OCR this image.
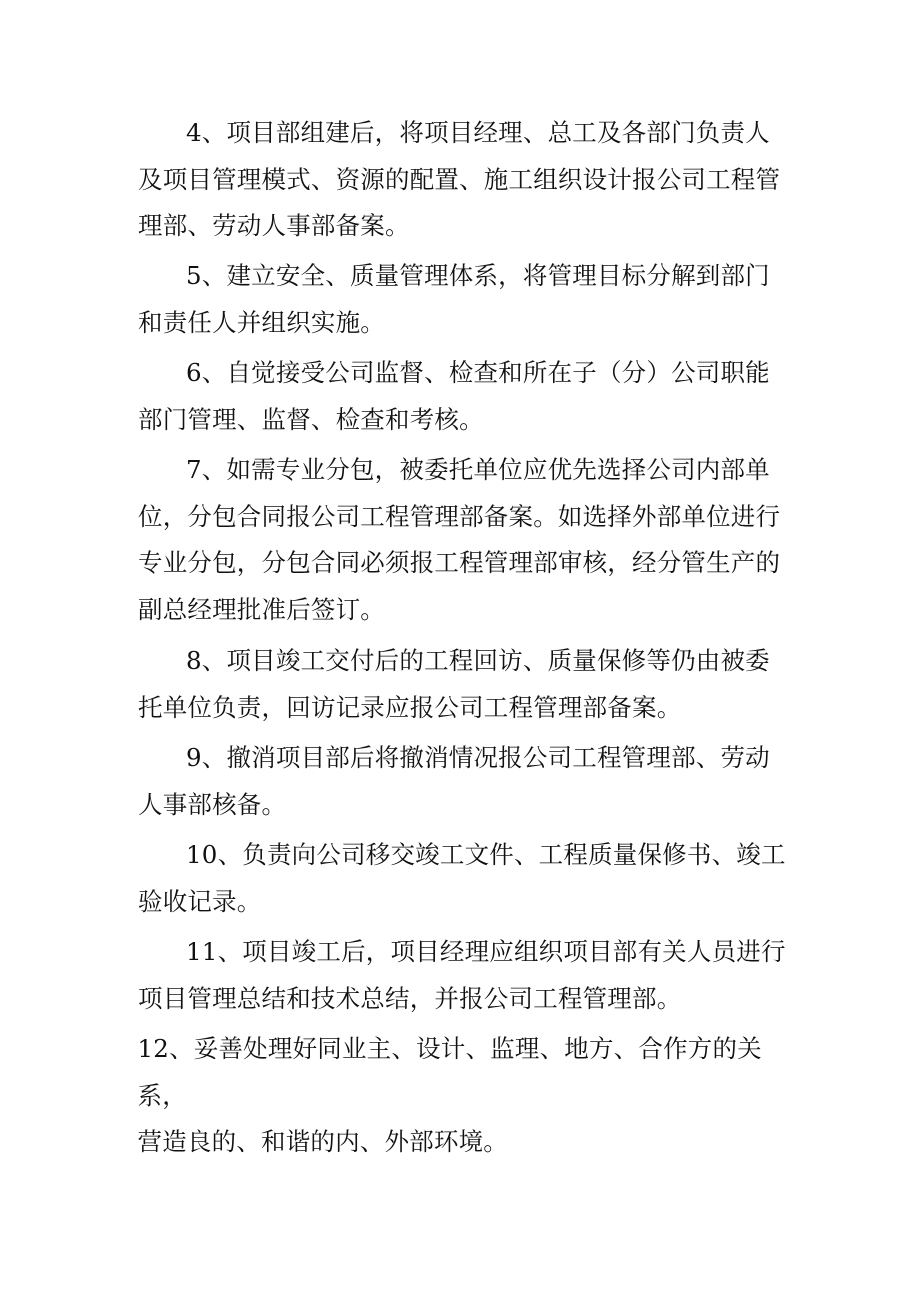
4、项目部组建后，将项目经理、总工及各部门负责人及项目管理模式、资源的配置、施工组织设计报公司工程管理部、劳动人事部备案。

5、建立安全、质量管理体系，将管理目标分解到部门和责任人并组织实施。

6、自觉接受公司监督、检查和所在子（分）公司职能部门管理、监督、检查和考核。

7、如需专业分包，被委托单位应优先选择公司内部单位，分包合同报公司工程管理部备案。如选择外部单位进行专业分包，分包合同必须报工程管理部审核，经分管生产的副总经理批准后签订。

8、项目竣工交付后的工程回访、质量保修等仍由被委托单位负责，回访记录应报公司工程管理部备案。

9、撤消项目部后将撤消情况报公司工程管理部、劳动人事部核备。

10、负责向公司移交竣工文件、工程质量保修书、竣工验收记录。

11、项目竣工后，项目经理应组织项目部有关人员进行项目管理总结和技术总结，并报公司工程管理部。

12、妥善处理好同业主、设计、监理、地方、合作方的关系，
营造良的、和谐的内、外部环境。
